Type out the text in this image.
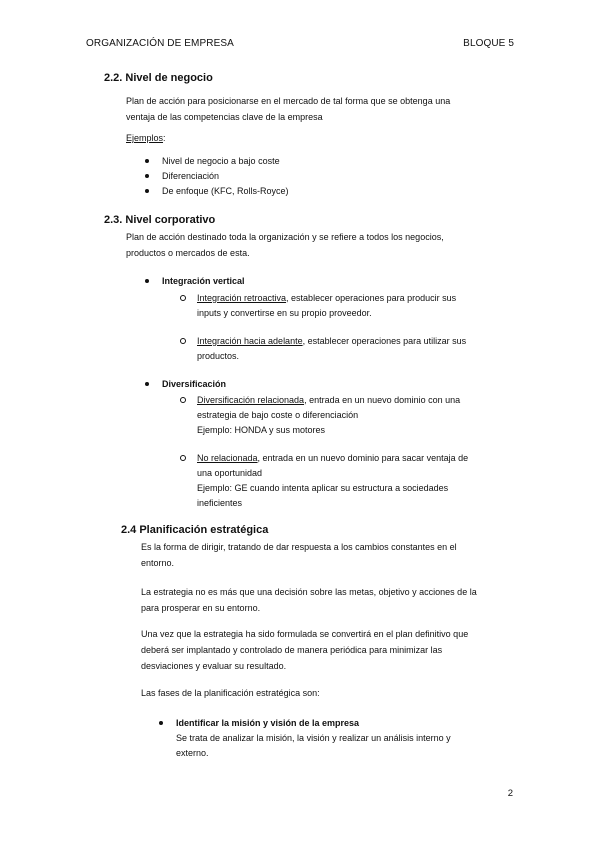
ORGANIZACIÓN DE EMPRESA	BLOQUE 5
2.2. Nivel de negocio
Plan de acción para posicionarse en el mercado de tal forma que se obtenga una
ventaja de las competencias clave de la empresa
Ejemplos:
Nivel de negocio a bajo coste
Diferenciación
De enfoque (KFC, Rolls-Royce)
2.3. Nivel corporativo
Plan de acción destinado toda la organización y se refiere a todos los negocios,
productos o mercados de esta.
Integración vertical
Integración retroactiva, establecer operaciones para producir sus
inputs y convertirse en su propio proveedor.
Integración hacia adelante, establecer operaciones para utilizar sus
productos.
Diversificación
Diversificación relacionada, entrada en un nuevo dominio con una
estrategia de bajo coste o diferenciación
Ejemplo: HONDA y sus motores
No relacionada, entrada en un nuevo dominio para sacar ventaja de
una oportunidad
Ejemplo: GE cuando intenta aplicar su estructura a sociedades
ineficientes
2.4 Planificación estratégica
Es la forma de dirigir, tratando de dar respuesta a los cambios constantes en el
entorno.
La estrategia no es más que una decisión sobre las metas, objetivo y acciones de la
para prosperar en su entorno.
Una vez que la estrategia ha sido formulada se convertirá en el plan definitivo que
deberá ser implantado y controlado de manera periódica para minimizar las
desviaciones y evaluar su resultado.
Las fases de la planificación estratégica son:
Identificar la misión y visión de la empresa
Se trata de analizar la misión, la visión y realizar un análisis interno y
externo.
2
